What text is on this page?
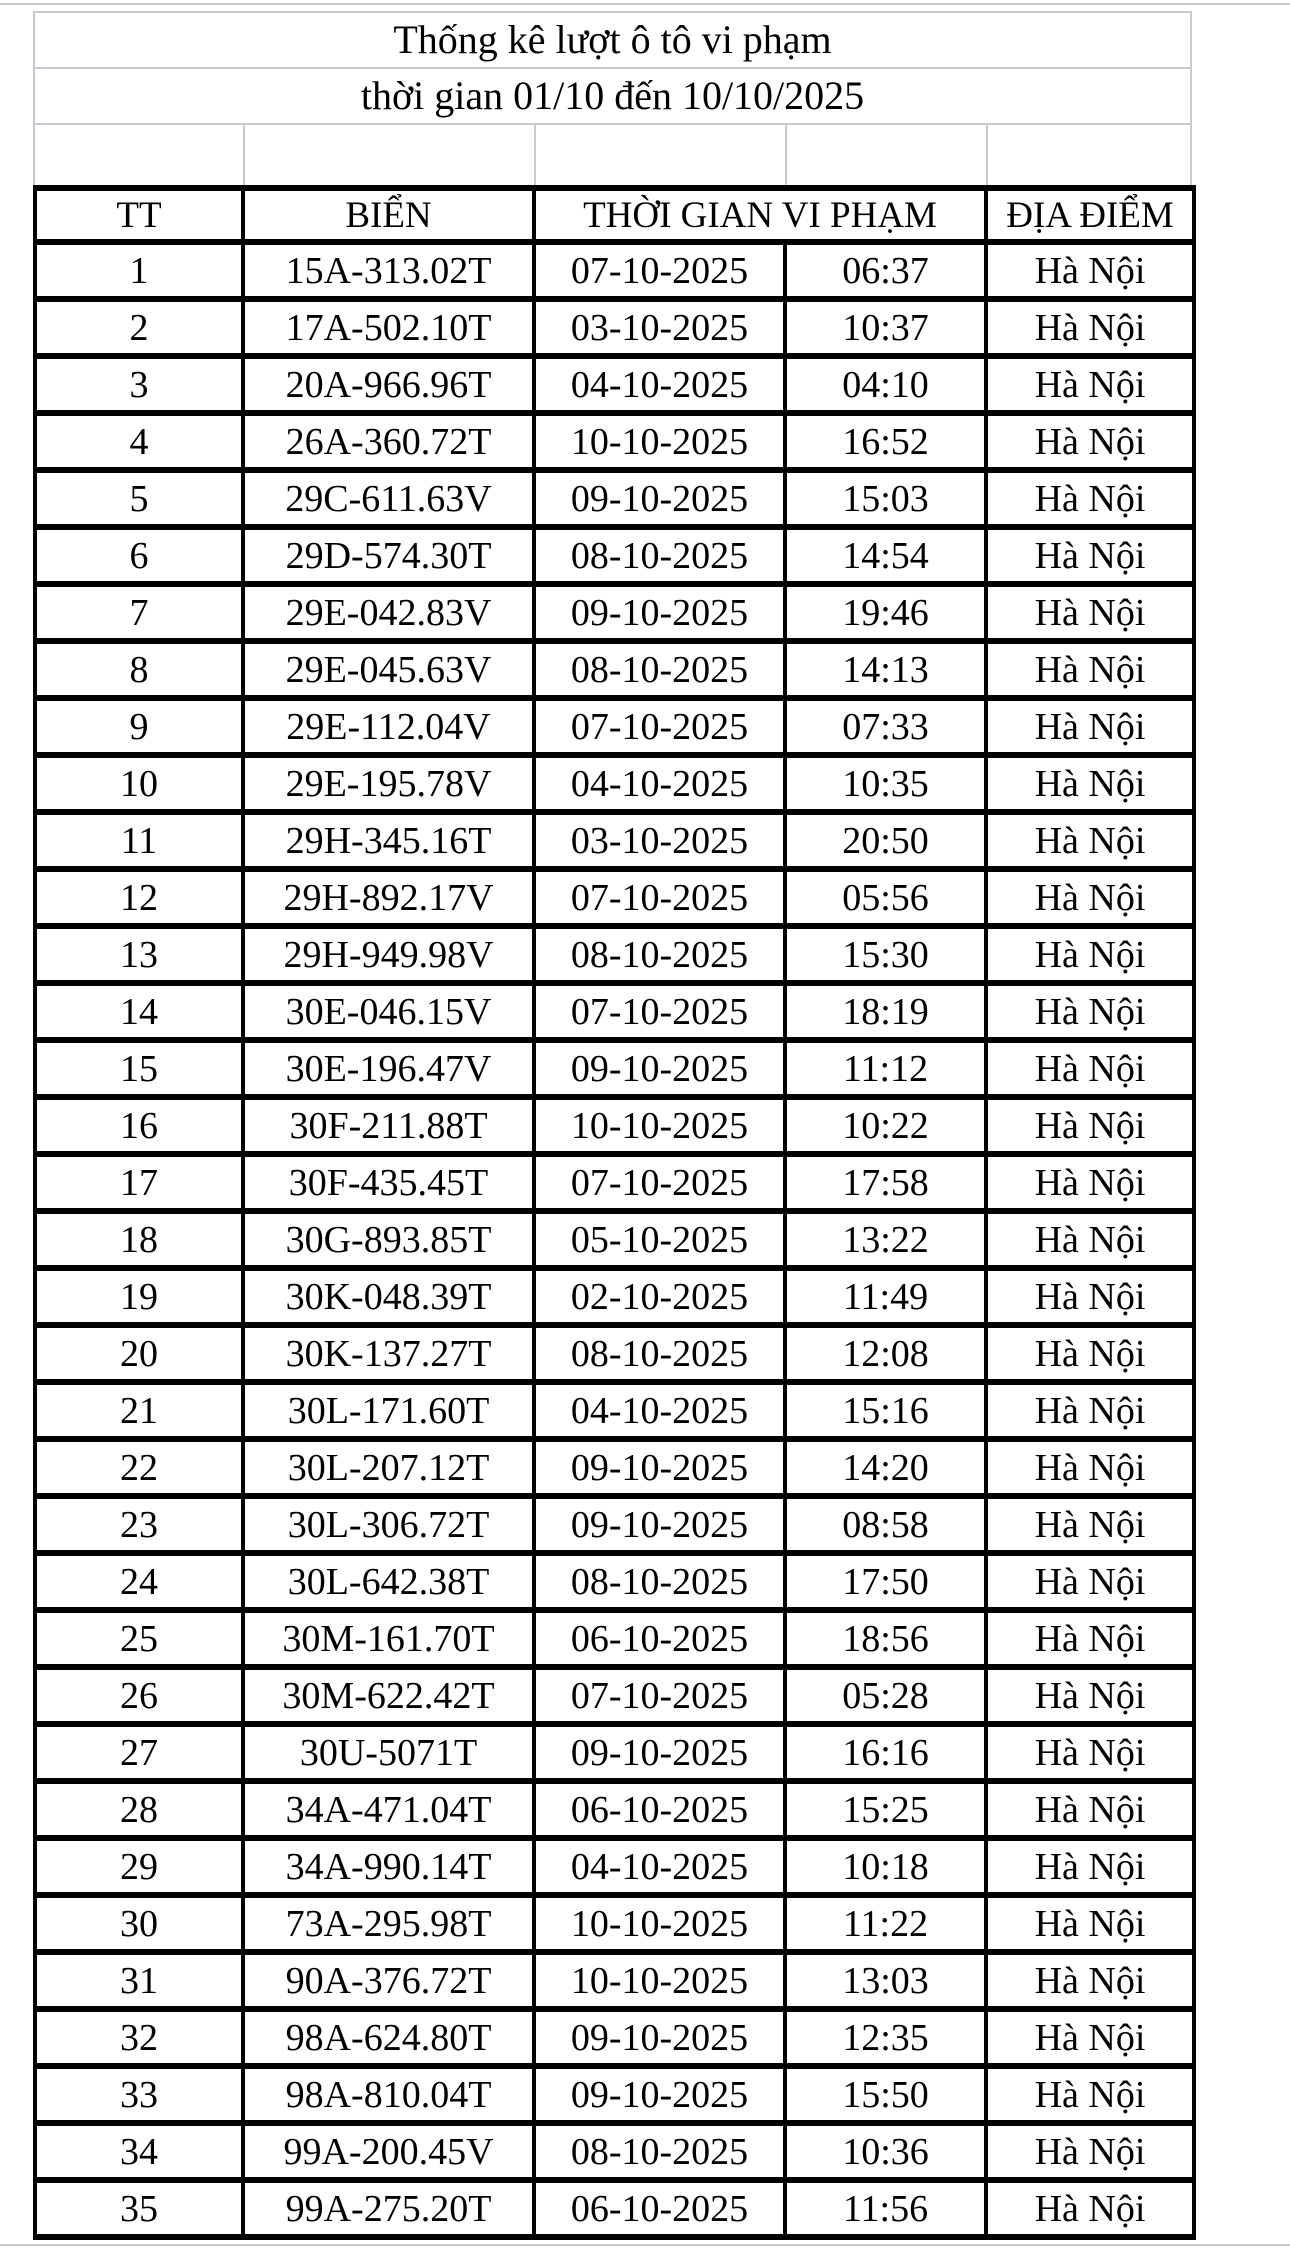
Thống kê lượt ô tô vi phạm
thời gian 01/10 đến 10/10/2025
TT	BIỂN	THỜI GIAN VI PHẠM		ĐỊA ĐIỂM
1	15A-313.02T	07-10-2025	06:37	Hà Nội
2	17A-502.10T	03-10-2025	10:37	Hà Nội
3	20A-966.96T	04-10-2025	04:10	Hà Nội
4	26A-360.72T	10-10-2025	16:52	Hà Nội
5	29C-611.63V	09-10-2025	15:03	Hà Nội
6	29D-574.30T	08-10-2025	14:54	Hà Nội
7	29E-042.83V	09-10-2025	19:46	Hà Nội
8	29E-045.63V	08-10-2025	14:13	Hà Nội
9	29E-112.04V	07-10-2025	07:33	Hà Nội
10	29E-195.78V	04-10-2025	10:35	Hà Nội
11	29H-345.16T	03-10-2025	20:50	Hà Nội
12	29H-892.17V	07-10-2025	05:56	Hà Nội
13	29H-949.98V	08-10-2025	15:30	Hà Nội
14	30E-046.15V	07-10-2025	18:19	Hà Nội
15	30E-196.47V	09-10-2025	11:12	Hà Nội
16	30F-211.88T	10-10-2025	10:22	Hà Nội
17	30F-435.45T	07-10-2025	17:58	Hà Nội
18	30G-893.85T	05-10-2025	13:22	Hà Nội
19	30K-048.39T	02-10-2025	11:49	Hà Nội
20	30K-137.27T	08-10-2025	12:08	Hà Nội
21	30L-171.60T	04-10-2025	15:16	Hà Nội
22	30L-207.12T	09-10-2025	14:20	Hà Nội
23	30L-306.72T	09-10-2025	08:58	Hà Nội
24	30L-642.38T	08-10-2025	17:50	Hà Nội
25	30M-161.70T	06-10-2025	18:56	Hà Nội
26	30M-622.42T	07-10-2025	05:28	Hà Nội
27	30U-5071T	09-10-2025	16:16	Hà Nội
28	34A-471.04T	06-10-2025	15:25	Hà Nội
29	34A-990.14T	04-10-2025	10:18	Hà Nội
30	73A-295.98T	10-10-2025	11:22	Hà Nội
31	90A-376.72T	10-10-2025	13:03	Hà Nội
32	98A-624.80T	09-10-2025	12:35	Hà Nội
33	98A-810.04T	09-10-2025	15:50	Hà Nội
34	99A-200.45V	08-10-2025	10:36	Hà Nội
35	99A-275.20T	06-10-2025	11:56	Hà Nội
